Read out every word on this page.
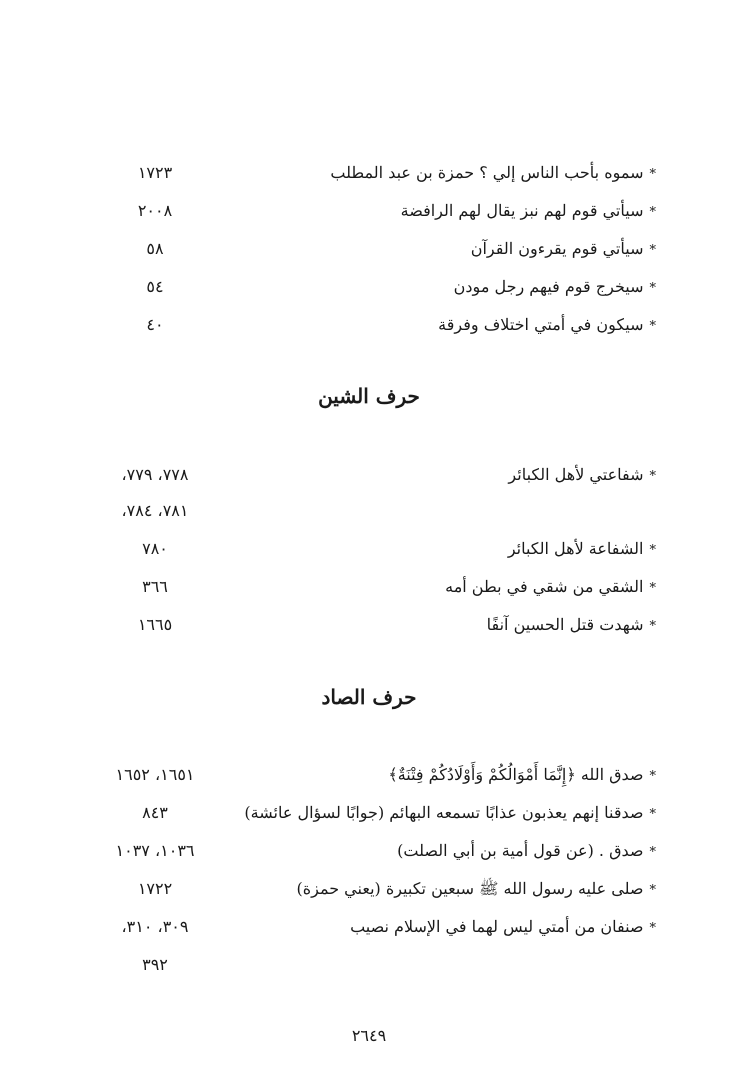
*سموه بأحب الناس إلي ؟ حمزة بن عبد المطلب
١٧٢٣
*سيأتي قوم لهم نبز يقال لهم الرافضة
٢٠٠٨
*سيأتي قوم يقرءون القرآن
٥٨
*سيخرج قوم فيهم رجل مودن
٥٤
*سيكون في أمتي اختلاف وفرقة
٤٠
حرف الشين
*شفاعتي لأهل الكبائر
٧٧٨، ٧٧٩،
٧٨١، ٧٨٤،
*الشفاعة لأهل الكبائر
٧٨٠
*الشقي من شقي في بطن أمه
٣٦٦
*شهدت قتل الحسين آنفًا
١٦٦٥
حرف الصاد
*صدق الله ﴿إِنَّمَا أَمْوَالُكُمْ وَأَوْلَادُكُمْ فِتْنَةٌ﴾
١٦٥١، ١٦٥٢
*صدقنا إنهم يعذبون عذابًا تسمعه البهائم (جوابًا لسؤال عائشة)
٨٤٣
*صدق . (عن قول أمية بن أبي الصلت)
١٠٣٦، ١٠٣٧
*صلى عليه رسول الله ﷺ سبعين تكبيرة (يعني حمزة)
١٧٢٢
*صنفان من أمتي ليس لهما في الإسلام نصيب
٣٠٩، ٣١٠،
٣٩٢
٢٦٤٩
